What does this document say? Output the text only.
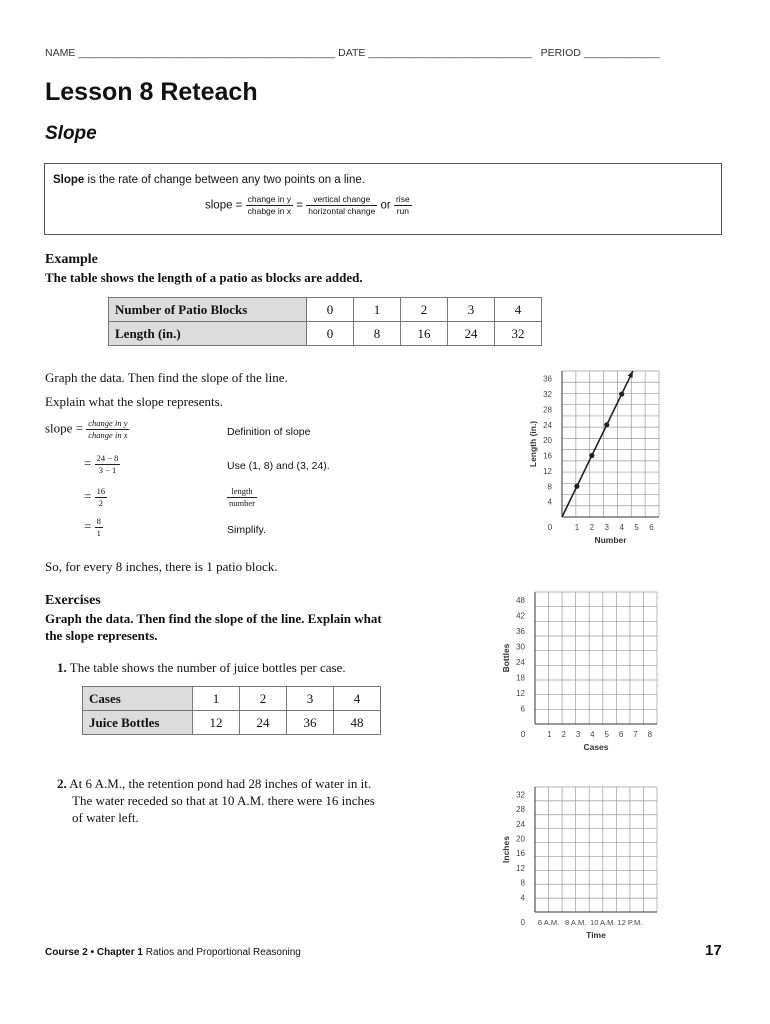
NAME ____________________________________________ DATE ____________________________ PERIOD _____________
Lesson 8 Reteach
Slope
Slope is the rate of change between any two points on a line.
slope = $\frac{\text{change in y}}{\text{chabge in x}} = \frac{\text{vertical change}}{\text{horizontal change}}$ or $\frac{\text{rise}}{\text{run}}$
Example
The table shows the length of a patio as blocks are added.
Number of Patio Blocks	0	1	2	3	4
Length (in.)	0	8	16	24	32
Graph the data. Then find the slope of the line.
Explain what the slope represents.
slope = $\frac{\text{change in y}}{\text{change in x}}$	Definition of slope
= $\frac{24 - 8}{3 - 1}$	Use (1, 8) and (3, 24).
= $\frac{16}{2}$	$\frac{\text{length}}{\text{number}}$
= $\frac{8}{1}$	Simplify.
So, for every 8 inches, there is 1 patio block.
Exercises
Graph the data. Then find the slope of the line. Explain what the slope represents.
1. The table shows the number of juice bottles per case.
Cases	1	2	3	4
Juice Bottles	12	24	36	48
2. At 6 A.M., the retention pond had 28 inches of water in it.
The water receded so that at 10 A.M. there were 16 inches
of water left.
4
8
12
16
20
24
28
32
36
0	1 2 3 4 5 6
Number
Length (in.)
6
12
18
24
30
36
42
48
0	1 2 3 4 5 6 7 8
Cases
Bottles
4
8
12
16
20
24
28
32
0 6 A.M. 8 A.M. 10 A.M. 12 P.M.
Time
Inches
Course 2 • Chapter 1 Ratios and Proportional Reasoning	17
